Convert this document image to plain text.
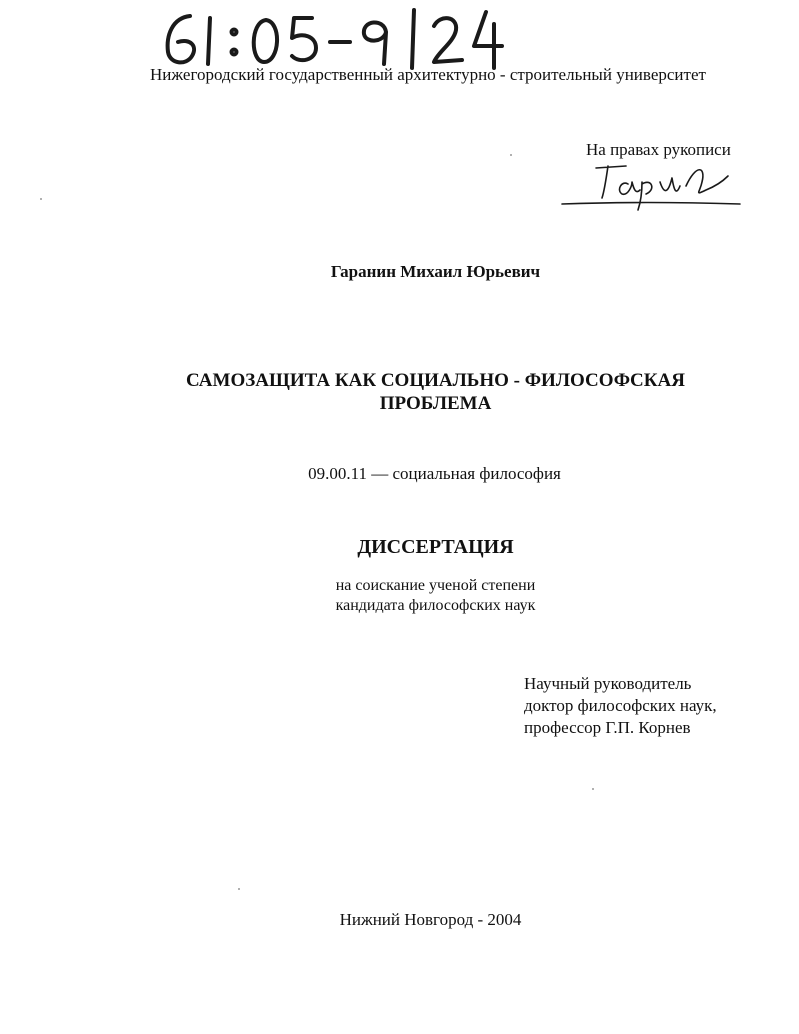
Нижегородский государственный архитектурно - строительный университет
На правах рукописи
Гаранин Михаил Юрьевич
САМОЗАЩИТА КАК СОЦИАЛЬНО - ФИЛОСОФСКАЯ
ПРОБЛЕМА
09.00.11 — социальная философия
ДИССЕРТАЦИЯ
на соискание ученой степени
кандидата философских наук
Научный руководитель
доктор философских наук,
профессор Г.П. Корнев
Нижний Новгород - 2004
